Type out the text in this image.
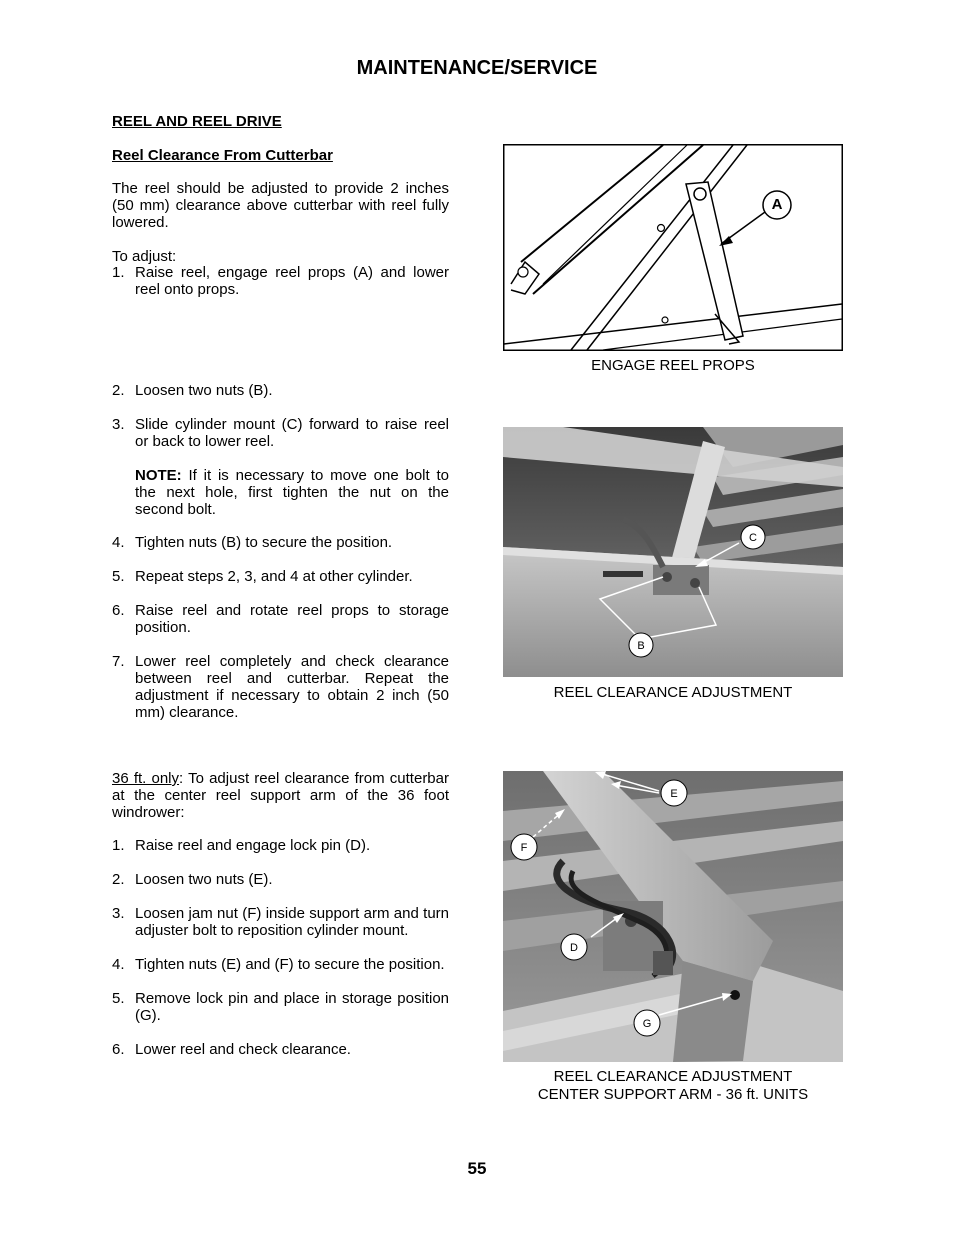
MAINTENANCE/SERVICE
REEL AND REEL DRIVE
Reel Clearance From Cutterbar
The reel should be adjusted to provide 2 inches (50 mm) clearance above cutterbar with reel fully lowered.
To adjust:
1. Raise reel, engage reel props (A) and lower reel onto props.
2. Loosen two nuts (B).
3. Slide cylinder mount (C) forward to raise reel or back to lower reel.
NOTE: If it is necessary to move one bolt to the next hole, first tighten the nut on the second bolt.
4. Tighten nuts (B) to secure the position.
5. Repeat steps 2, 3, and 4 at other cylinder.
6. Raise reel and rotate reel props to storage position.
7. Lower reel completely and check clearance between reel and cutterbar. Repeat the adjustment if necessary to obtain 2 inch (50 mm) clearance.
36 ft. only: To adjust reel clearance from cutterbar at the center reel support arm of the 36 foot windrower:
1. Raise reel and engage lock pin (D).
2. Loosen two nuts (E).
3. Loosen jam nut (F) inside support arm and turn adjuster bolt to reposition cylinder mount.
4. Tighten nuts (E) and (F) to secure the position.
5. Remove lock pin and place in storage position (G).
6. Lower reel and check clearance.
A
ENGAGE REEL PROPS
C
B
REEL CLEARANCE ADJUSTMENT
E
F
D
G
REEL CLEARANCE ADJUSTMENT
CENTER SUPPORT ARM - 36 ft. UNITS
55
